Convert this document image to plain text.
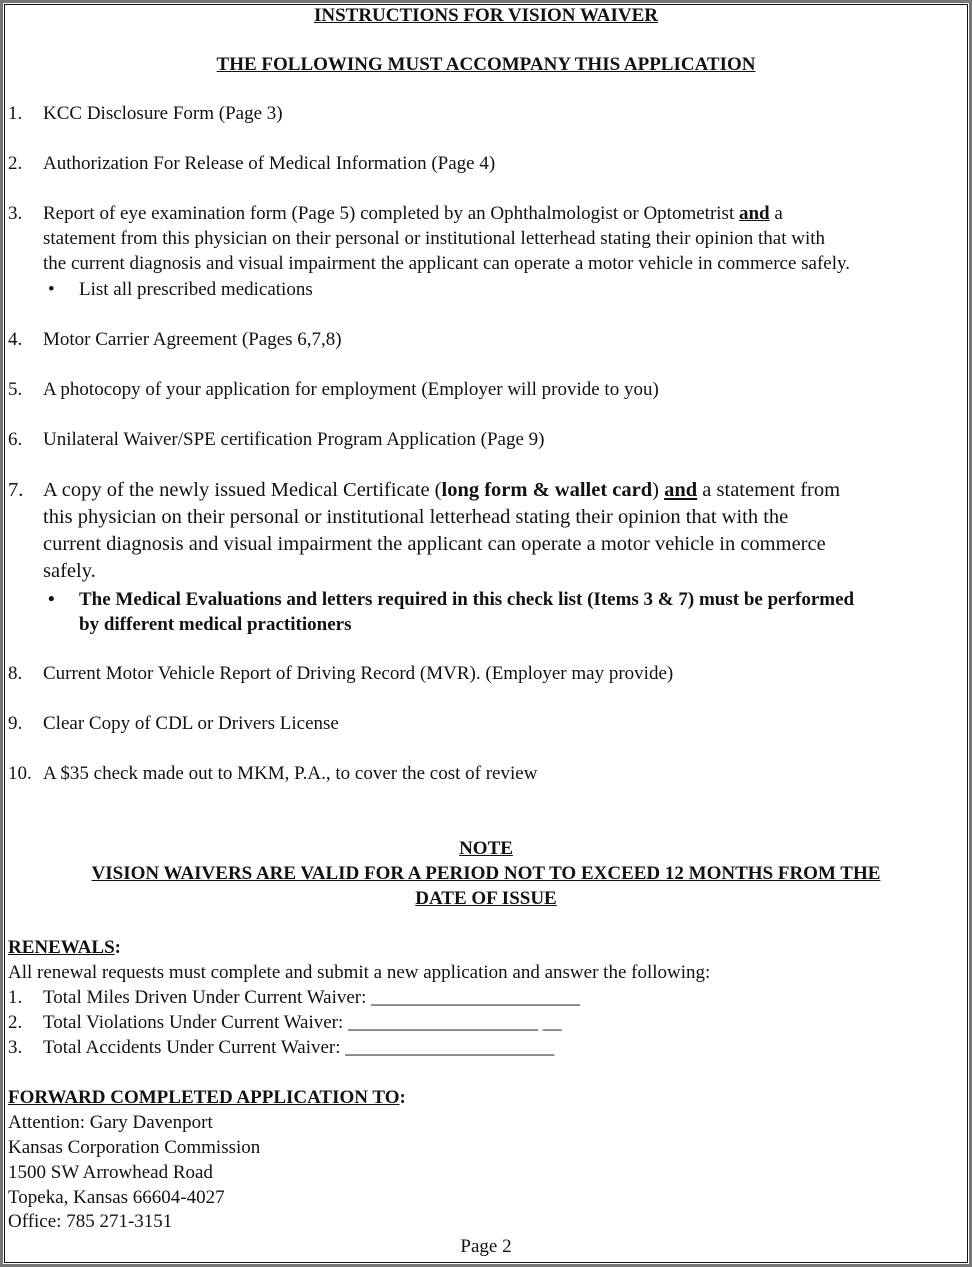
INSTRUCTIONS FOR VISION WAIVER
THE FOLLOWING MUST ACCOMPANY THIS APPLICATION
1. KCC Disclosure Form (Page 3)
2. Authorization For Release of Medical Information (Page 4)
3. Report of eye examination form (Page 5) completed by an Ophthalmologist or Optometrist and a
statement from this physician on their personal or institutional letterhead stating their opinion that with
the current diagnosis and visual impairment the applicant can operate a motor vehicle in commerce safely.
• List all prescribed medications
4. Motor Carrier Agreement (Pages 6,7,8)
5. A photocopy of your application for employment (Employer will provide to you)
6. Unilateral Waiver/SPE certification Program Application (Page 9)
7. A copy of the newly issued Medical Certificate (long form & wallet card) and a statement from
this physician on their personal or institutional letterhead stating their opinion that with the
current diagnosis and visual impairment the applicant can operate a motor vehicle in commerce
safely.
• The Medical Evaluations and letters required in this check list (Items 3 & 7) must be performed
by different medical practitioners
8. Current Motor Vehicle Report of Driving Record (MVR). (Employer may provide)
9. Clear Copy of CDL or Drivers License
10. A $35 check made out to MKM, P.A., to cover the cost of review
NOTE
VISION WAIVERS ARE VALID FOR A PERIOD NOT TO EXCEED 12 MONTHS FROM THE
DATE OF ISSUE
RENEWALS:
All renewal requests must complete and submit a new application and answer the following:
1. Total Miles Driven Under Current Waiver: ______________________
2. Total Violations Under Current Waiver: ____________________ __
3. Total Accidents Under Current Waiver: ______________________
FORWARD COMPLETED APPLICATION TO:
Attention: Gary Davenport
Kansas Corporation Commission
1500 SW Arrowhead Road
Topeka, Kansas 66604-4027
Office: 785 271-3151
Page 2
